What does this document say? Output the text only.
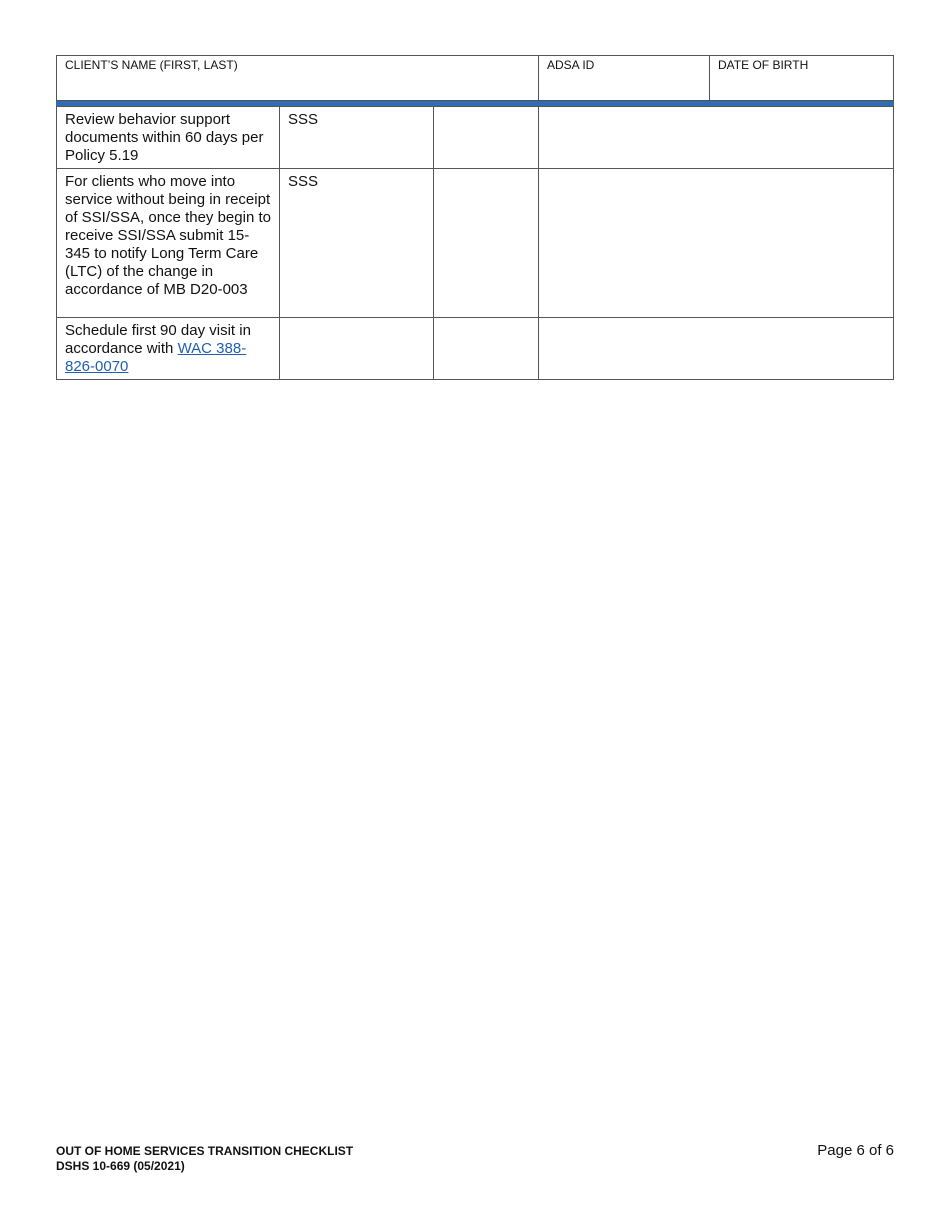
CLIENT’S NAME (FIRST, LAST)	ADSA ID	DATE OF BIRTH
Review behavior support documents within 60 days per Policy 5.19	SSS		
For clients who move into service without being in receipt of SSI/SSA, once they begin to receive SSI/SSA submit 15-345 to notify Long Term Care (LTC) of the change in accordance of MB D20-003	SSS		
Schedule first 90 day visit in accordance with WAC 388-826-0070			
OUT OF HOME SERVICES TRANSITION CHECKLIST
DSHS 10-669 (05/2021)
Page 6 of 6
